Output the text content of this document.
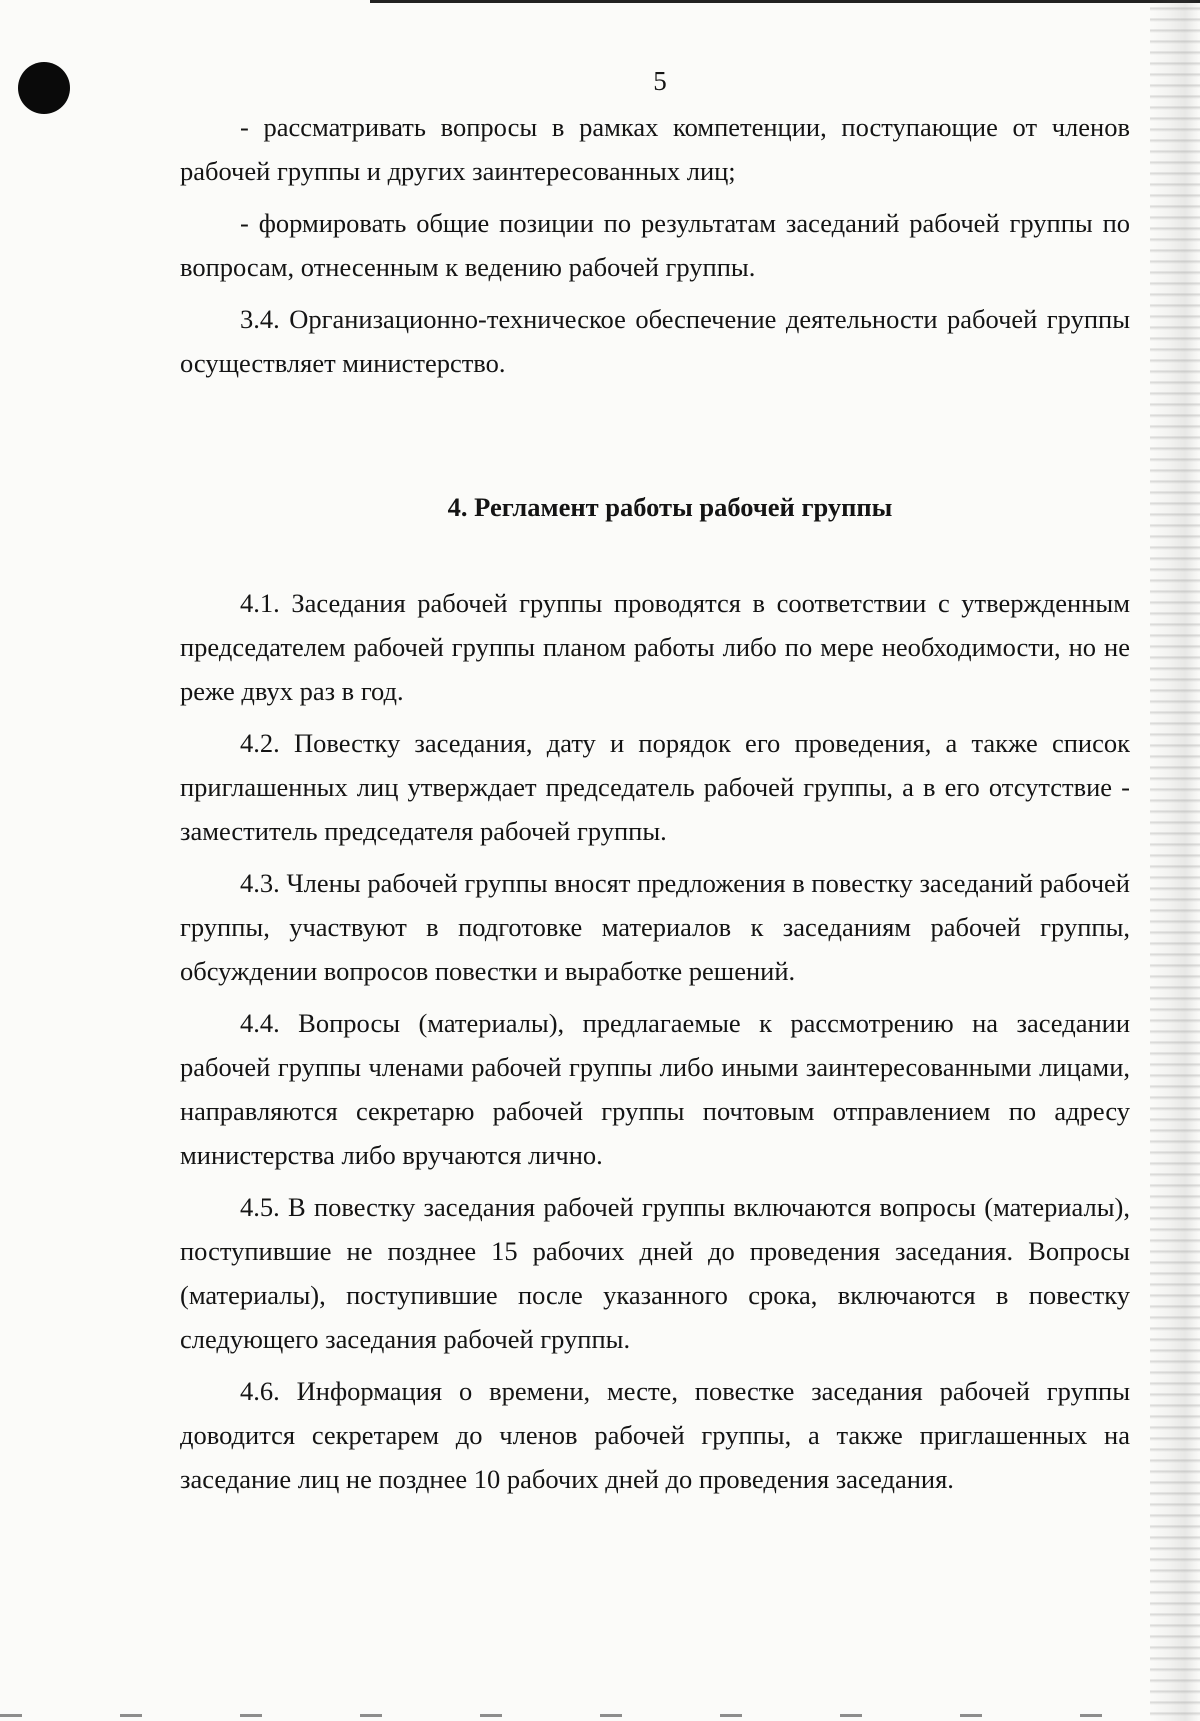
5

- рассматривать вопросы в рамках компетенции, поступающие от членов рабочей группы и других заинтересованных лиц;

- формировать общие позиции по результатам заседаний рабочей группы по вопросам, отнесенным к ведению рабочей группы.

3.4. Организационно-техническое обеспечение деятельности рабочей группы осуществляет министерство.

4. Регламент работы рабочей группы

4.1. Заседания рабочей группы проводятся в соответствии с утвержденным председателем рабочей группы планом работы либо по мере необходимости, но не реже двух раз в год.

4.2. Повестку заседания, дату и порядок его проведения, а также список приглашенных лиц утверждает председатель рабочей группы, а в его отсутствие - заместитель председателя рабочей группы.

4.3. Члены рабочей группы вносят предложения в повестку заседаний рабочей группы, участвуют в подготовке материалов к заседаниям рабочей группы, обсуждении вопросов повестки и выработке решений.

4.4. Вопросы (материалы), предлагаемые к рассмотрению на заседании рабочей группы членами рабочей группы либо иными заинтересованными лицами, направляются секретарю рабочей группы почтовым отправлением по адресу министерства либо вручаются лично.

4.5. В повестку заседания рабочей группы включаются вопросы (материалы), поступившие не позднее 15 рабочих дней до проведения заседания. Вопросы (материалы), поступившие после указанного срока, включаются в повестку следующего заседания рабочей группы.

4.6. Информация о времени, месте, повестке заседания рабочей группы доводится секретарем до членов рабочей группы, а также приглашенных на заседание лиц не позднее 10 рабочих дней до проведения заседания.
